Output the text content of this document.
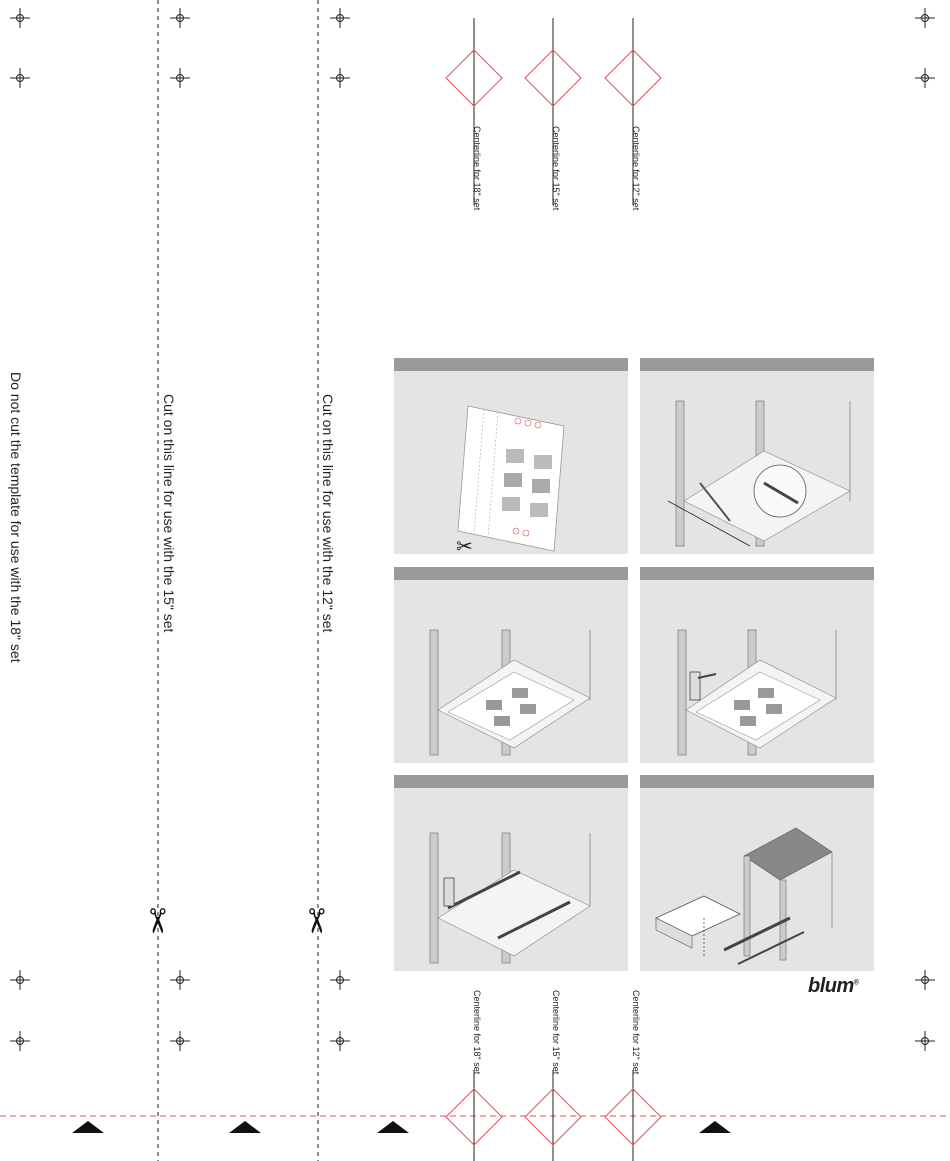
Do not cut the template for use with the 18" set	Cut on this line for use with the 15" set	Cut on this line for use with the 12" set
Centerline for 18" set	Centerline for 15" set	Centerline for 12" set
Centerline for 18" set	Centerline for 15" set	Centerline for 12" set
✂	✂
✂
blum®
